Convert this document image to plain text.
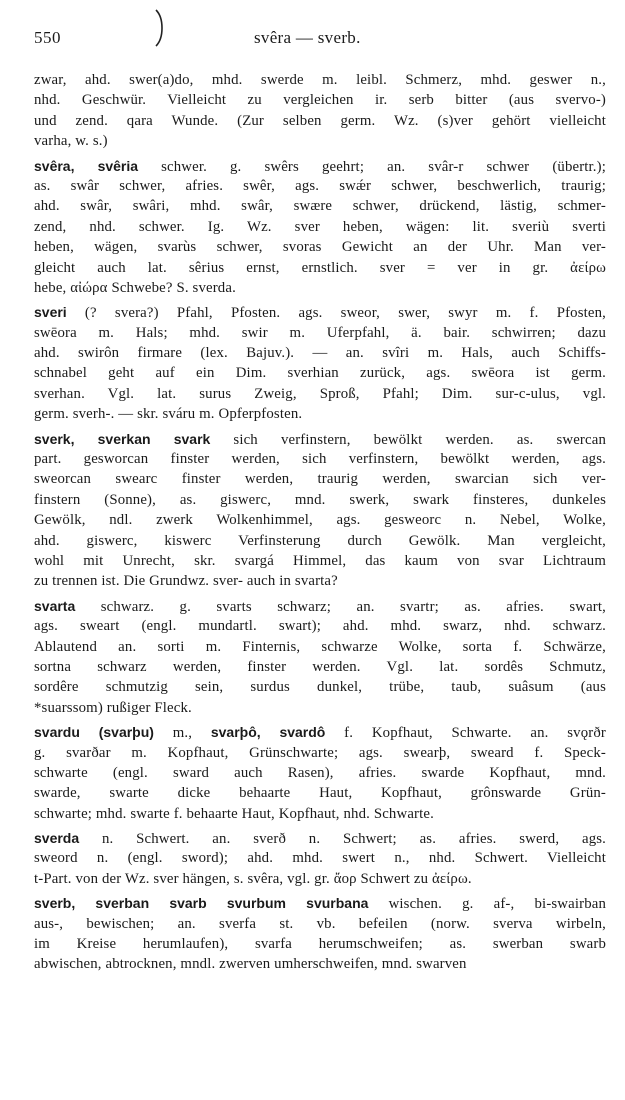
550	svêra — sverb.
zwar, ahd. swer(a)do, mhd. swerde m. leibl. Schmerz, mhd. geswer n.,
nhd. Geschwür. Vielleicht zu vergleichen ir. serb bitter (aus svervo-)
und zend. qara Wunde. (Zur selben germ. Wz. (s)ver gehört vielleicht
varha, w. s.)
svêra, svêria schwer. g. swêrs geehrt; an. svâr-r schwer (übertr.);
as. swâr schwer, afries. swêr, ags. swǽr schwer, beschwerlich, traurig;
ahd. swâr, swâri, mhd. swâr, swære schwer, drückend, lästig, schmer-
zend, nhd. schwer. Ig. Wz. sver heben, wägen: lit. sveriù sverti
heben, wägen, svarùs schwer, svoras Gewicht an der Uhr. Man ver-
gleicht auch lat. sêrius ernst, ernstlich. sver = ver in gr. ἀείρω
hebe, αἰώρα Schwebe? S. sverda.
sveri (? svera?) Pfahl, Pfosten. ags. sweor, swer, swyr m. f. Pfosten,
swēora m. Hals; mhd. swir m. Uferpfahl, ä. bair. schwirren; dazu
ahd. swirôn firmare (lex. Bajuv.). — an. svîri m. Hals, auch Schiffs-
schnabel geht auf ein Dim. sverhian zurück, ags. swēora ist germ.
sverhan. Vgl. lat. surus Zweig, Sproß, Pfahl; Dim. sur-c-ulus, vgl.
germ. sverh-. — skr. sváru m. Opferpfosten.
sverk, sverkan svark sich verfinstern, bewölkt werden. as. swercan
part. gesworcan finster werden, sich verfinstern, bewölkt werden, ags.
sweorcan swearc finster werden, traurig werden, swarcian sich ver-
finstern (Sonne), as. giswerc, mnd. swerk, swark finsteres, dunkeles
Gewölk, ndl. zwerk Wolkenhimmel, ags. gesweorc n. Nebel, Wolke,
ahd. giswerc, kiswerc Verfinsterung durch Gewölk. Man vergleicht,
wohl mit Unrecht, skr. svargá Himmel, das kaum von svar Lichtraum
zu trennen ist. Die Grundwz. sver- auch in svarta?
svarta schwarz. g. svarts schwarz; an. svartr; as. afries. swart,
ags. sweart (engl. mundartl. swart); ahd. mhd. swarz, nhd. schwarz.
Ablautend an. sorti m. Finternis, schwarze Wolke, sorta f. Schwärze,
sortna schwarz werden, finster werden. Vgl. lat. sordês Schmutz,
sordêre schmutzig sein, surdus dunkel, trübe, taub, suâsum (aus
*suarssom) rußiger Fleck.
svardu (svarþu) m., svarþô, svardô f. Kopfhaut, Schwarte. an. svǫrðr
g. svarðar m. Kopfhaut, Grünschwarte; ags. swearþ, sweard f. Speck-
schwarte (engl. sward auch Rasen), afries. swarde Kopfhaut, mnd.
swarde, swarte dicke behaarte Haut, Kopfhaut, grônswarde Grün-
schwarte; mhd. swarte f. behaarte Haut, Kopfhaut, nhd. Schwarte.
sverda n. Schwert. an. sverð n. Schwert; as. afries. swerd, ags.
sweord n. (engl. sword); ahd. mhd. swert n., nhd. Schwert. Vielleicht
t-Part. von der Wz. sver hängen, s. svêra, vgl. gr. ἄορ Schwert zu ἀείρω.
sverb, sverban svarb svurbum svurbana wischen. g. af-, bi-swairban
aus-, bewischen; an. sverfa st. vb. befeilen (norw. sverva wirbeln,
im Kreise herumlaufen), svarfa herumschweifen; as. swerban swarb
abwischen, abtrocknen, mndl. zwerven umherschweifen, mnd. swarven
